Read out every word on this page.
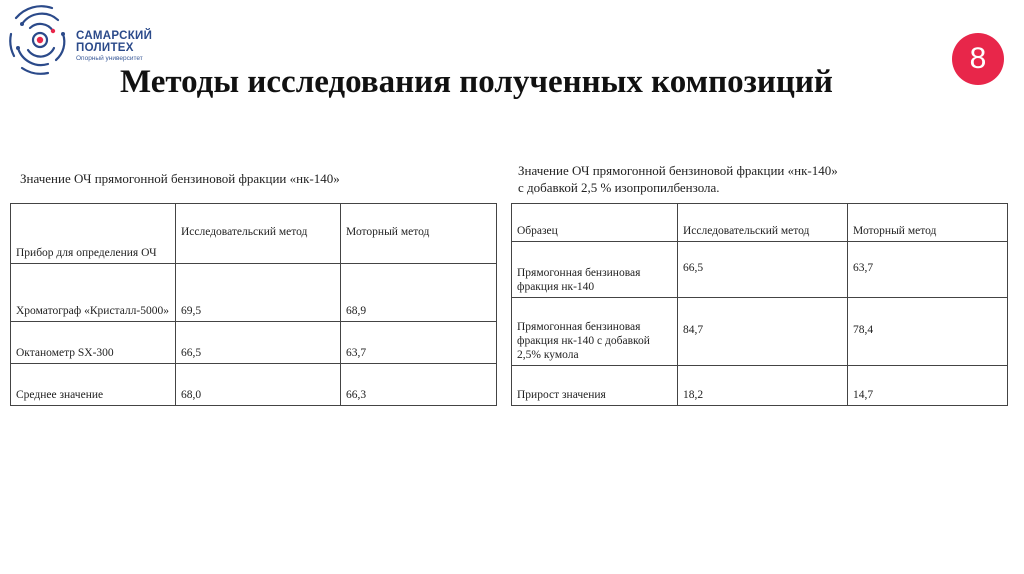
САМАРСКИЙ
ПОЛИТЕХ
Опорный университет	8
Методы исследования полученных композиций
Значение ОЧ прямогонной бензиновой фракции «нк-140»
Значение ОЧ прямогонной бензиновой фракции «нк-140»
с добавкой 2,5 % изопропилбензола.
Прибор для определения ОЧ	Исследовательский метод	Моторный метод
Хроматограф «Кристалл-5000»	69,5	68,9
Октанометр SX-300	66,5	63,7
Среднее значение	68,0	66,3
Образец	Исследовательский метод	Моторный метод
Прямогонная бензиновая фракция нк-140	66,5	63,7
Прямогонная бензиновая фракция нк-140 с добавкой 2,5% кумола	84,7	78,4
Прирост значения	18,2	14,7
